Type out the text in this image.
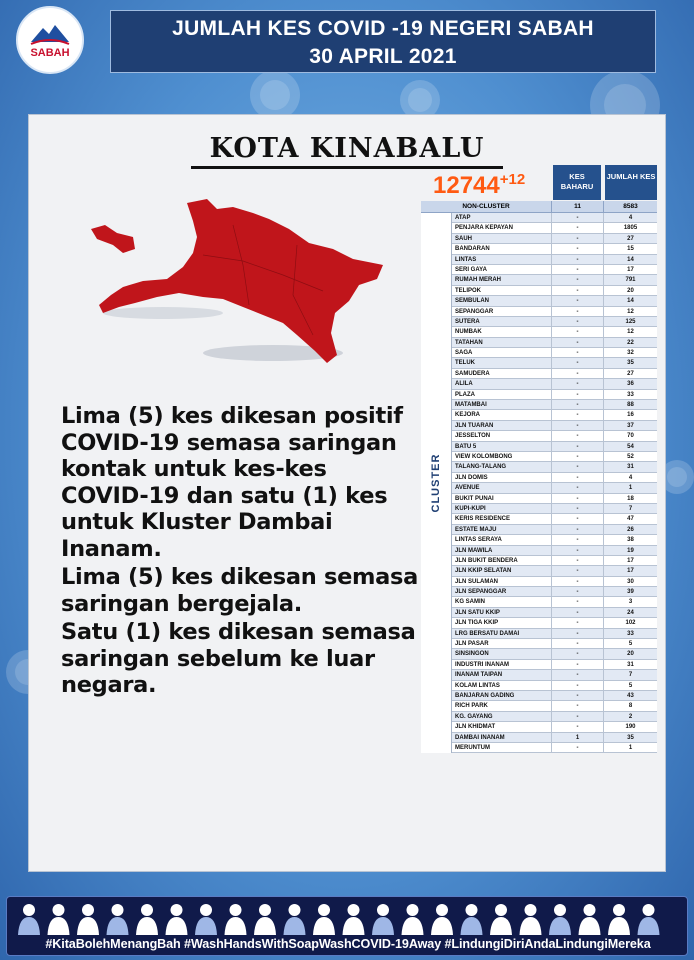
SABAH
JUMLAH KES COVID -19 NEGERI SABAH
30 APRIL 2021
KOTA KINABALU
$12744^{+12}$	KES BAHARU
JUMLAH KES

Lima (5) kes dikesan positif COVID-19 semasa saringan kontak untuk kes-kes COVID-19 dan satu (1) kes untuk Kluster Dambai Inanam.

Lima (5) kes dikesan semasa saringan bergejala.

Satu (1) kes dikesan semasa saringan sebelum ke luar negara.

NON-CLUSTER	11	8583
CLUSTER
ATAP	-	4
PENJARA KEPAYAN	-	1805
SAUH	-	27
BANDARAN	-	15
LINTAS	-	14
SERI GAYA	-	17
RUMAH MERAH	-	791
TELIPOK	-	20
SEMBULAN	-	14
SEPANGGAR	-	12
SUTERA	-	125
NUMBAK	-	12
TATAHAN	-	22
SAGA	-	32
TELUK	-	35
SAMUDERA	-	27
ALILA	-	36
PLAZA	-	33
MATAMBAI	-	88
KEJORA	-	16
JLN TUARAN	-	37
JESSELTON	-	70
BATU 5	-	54
VIEW KOLOMBONG	-	52
TALANG-TALANG	-	31
JLN DOMIS	-	4
AVENUE	-	1
BUKIT PUNAI	-	18
KUPI-KUPI	-	7
KERIS RESIDENCE	-	47
ESTATE MAJU	-	26
LINTAS SERAYA	-	38
JLN MAWILA	-	19
JLN BUKIT BENDERA	-	17
JLN KKIP SELATAN	-	17
JLN SULAMAN	-	30
JLN SEPANGGAR	-	39
KG SAMIN	-	3
JLN SATU KKIP	-	24
JLN TIGA KKIP	-	102
LRG BERSATU DAMAI	-	33
JLN PASAR	-	5
SINSINGON	-	20
INDUSTRI INANAM	-	31
INANAM TAIPAN	-	7
KOLAM LINTAS	-	5
BANJARAN GADING	-	43
RICH PARK	-	8
KG. GAYANG	-	2
JLN KHIDMAT	-	190
DAMBAI INANAM	1	35
MERUNTUM	-	1
#KitaBolehMenangBah #WashHandsWithSoapWashCOVID-19Away #LindungiDiriAndaLindungiMereka
